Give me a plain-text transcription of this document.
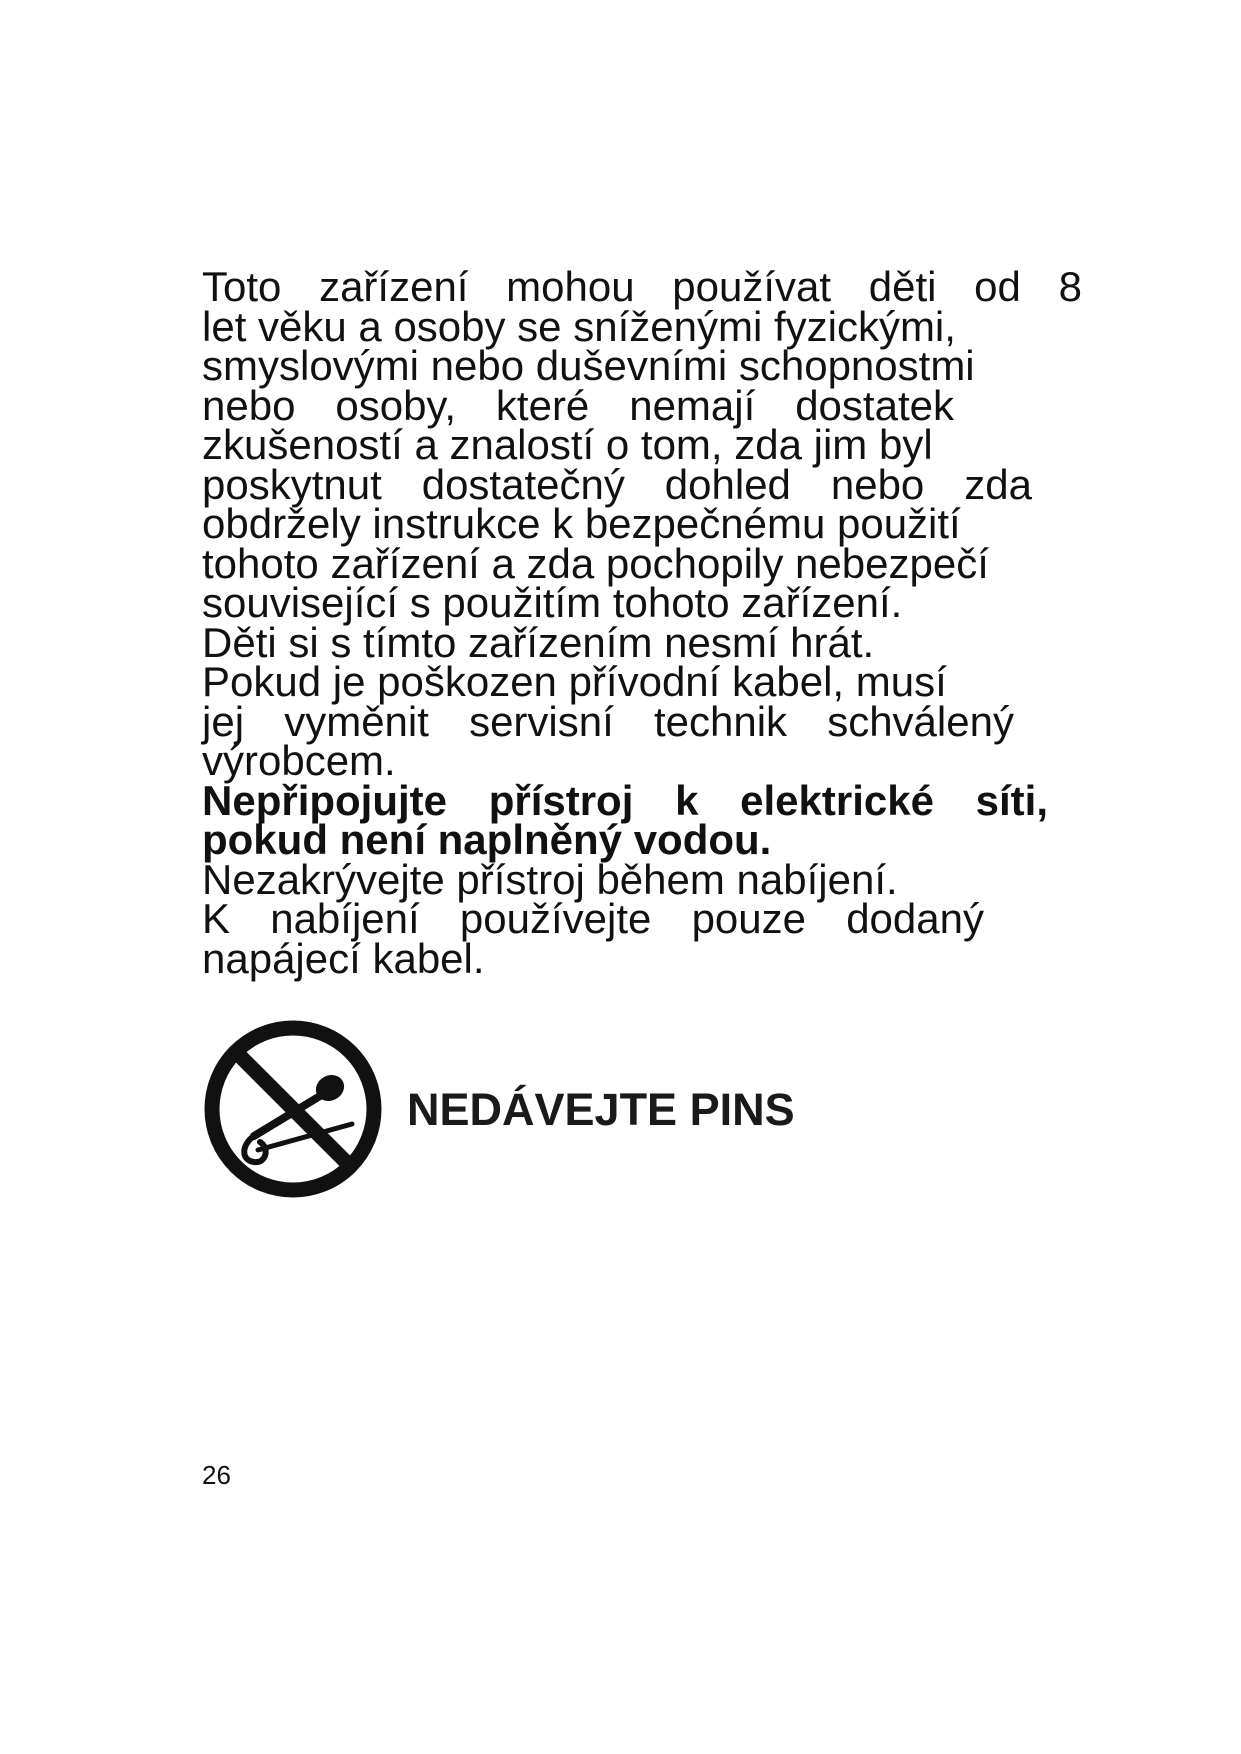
Toto zařízení mohou používat děti od 8
let věku a osoby se sníženými fyzickými,
smyslovými nebo duševními schopnostmi
nebo osoby, které nemají dostatek
zkušeností a znalostí o tom, zda jim byl
poskytnut dostatečný dohled nebo zda
obdržely instrukce k bezpečnému použití
tohoto zařízení a zda pochopily nebezpečí
související s použitím tohoto zařízení.
Děti si s tímto zařízením nesmí hrát.
Pokud je poškozen přívodní kabel, musí
jej vyměnit servisní technik schválený
výrobcem.
Nepřipojujte přístroj k elektrické síti,
pokud není naplněný vodou.
Nezakrývejte přístroj během nabíjení.
K nabíjení používejte pouze dodaný
napájecí kabel.
NEDÁVEJTE PINS
26
